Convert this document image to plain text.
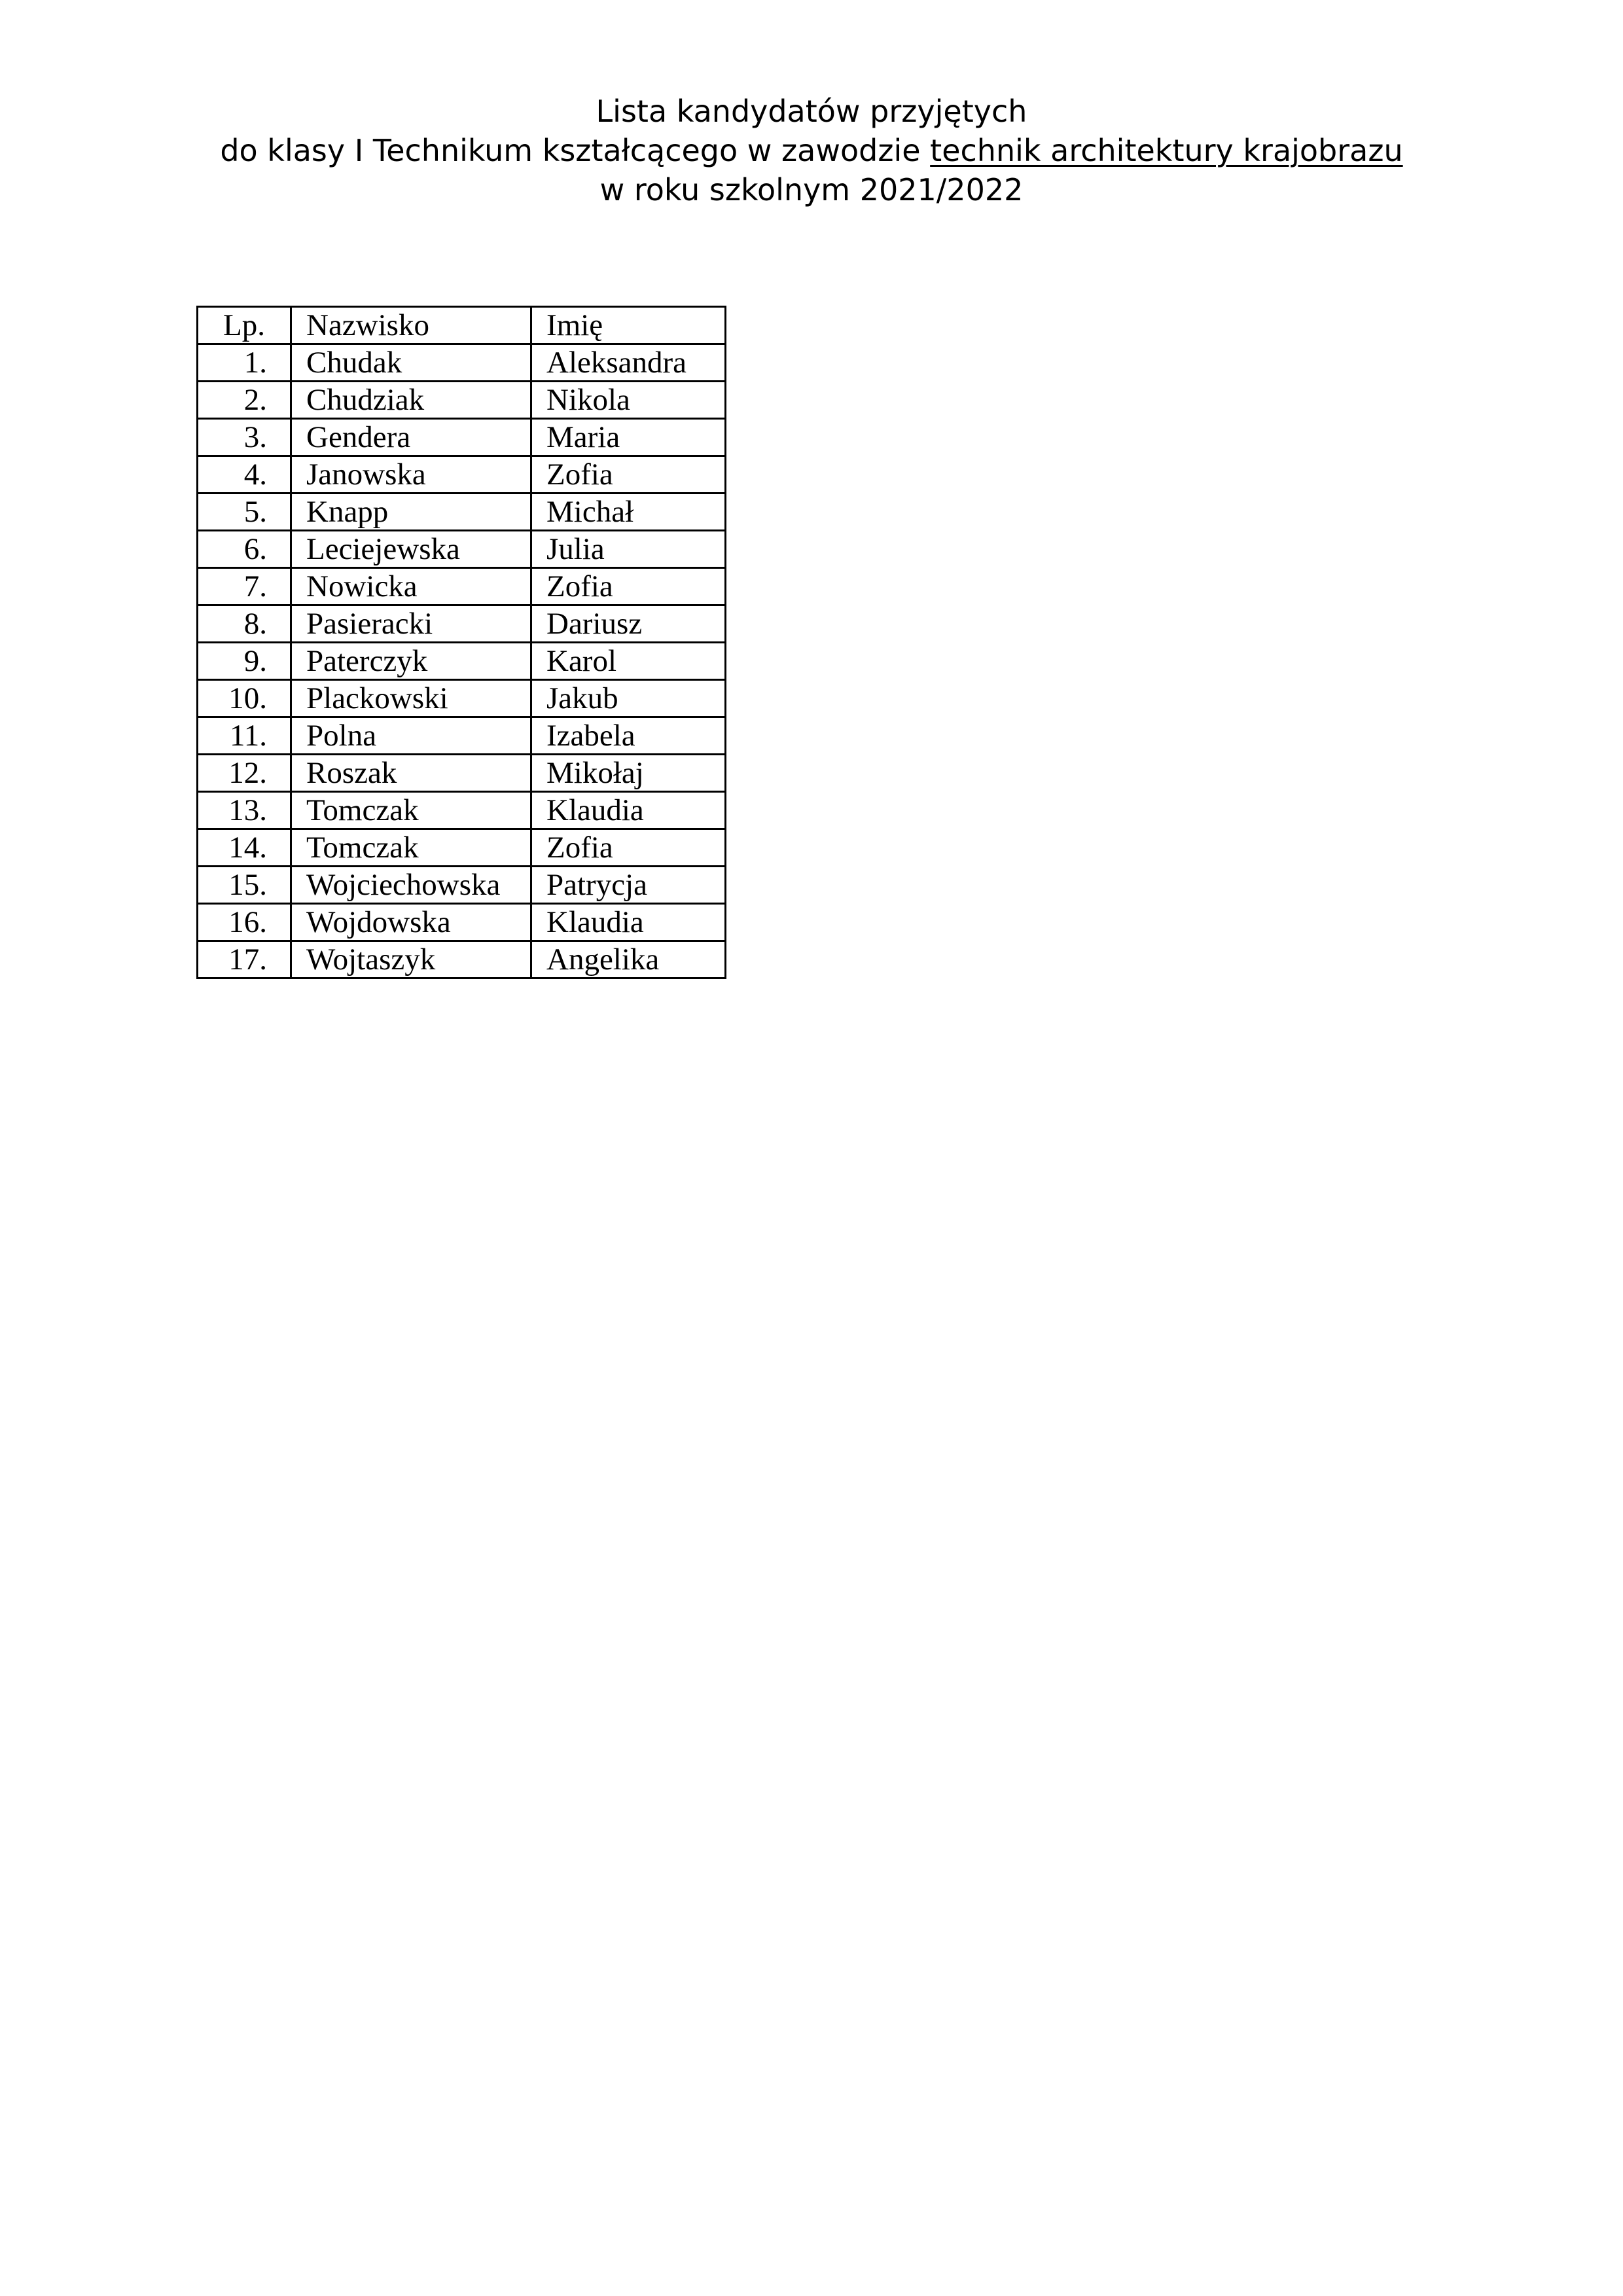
Lista kandydatów przyjętych
do klasy I Technikum kształcącego w zawodzie technik architektury krajobrazu
w roku szkolnym 2021/2022
Lp.	Nazwisko	Imię
1.	Chudak	Aleksandra
2.	Chudziak	Nikola
3.	Gendera	Maria
4.	Janowska	Zofia
5.	Knapp	Michał
6.	Leciejewska	Julia
7.	Nowicka	Zofia
8.	Pasieracki	Dariusz
9.	Paterczyk	Karol
10.	Plackowski	Jakub
11.	Polna	Izabela
12.	Roszak	Mikołaj
13.	Tomczak	Klaudia
14.	Tomczak	Zofia
15.	Wojciechowska	Patrycja
16.	Wojdowska	Klaudia
17.	Wojtaszyk	Angelika
